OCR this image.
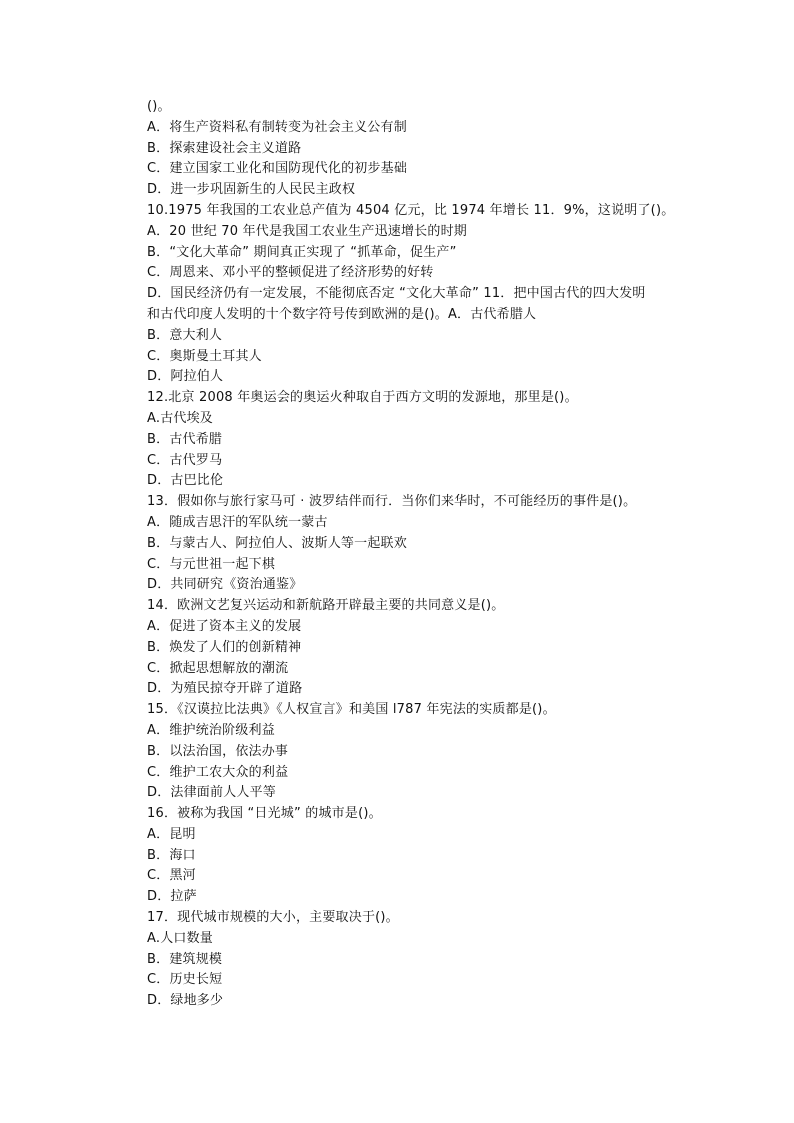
()。
A．将生产资料私有制转变为社会主义公有制
B．探索建设社会主义道路
C．建立国家工业化和国防现代化的初步基础
D．进一步巩固新生的人民民主政权
10.1975 年我国的工农业总产值为 4504 亿元，比 1974 年增长 11．9%，这说明了()。
A．20 世纪 70 年代是我国工农业生产迅速增长的时期
B．“文化大革命” 期间真正实现了 “抓革命，促生产”
C．周恩来、邓小平的整顿促进了经济形势的好转
D．国民经济仍有一定发展，不能彻底否定 “文化大革命” 11．把中国古代的四大发明
和古代印度人发明的十个数字符号传到欧洲的是()。A．古代希腊人
B．意大利人
C．奥斯曼土耳其人
D．阿拉伯人
12.北京 2008 年奥运会的奥运火种取自于西方文明的发源地，那里是()。
A.古代埃及
B．古代希腊
C．古代罗马
D．古巴比伦
13．假如你与旅行家马可 · 波罗结伴而行．当你们来华时，不可能经历的事件是()。
A．随成吉思汗的军队统一蒙古
B．与蒙古人、阿拉伯人、波斯人等一起联欢
C．与元世祖一起下棋
D．共同研究《资治通鉴》
14．欧洲文艺复兴运动和新航路开辟最主要的共同意义是()。
A．促进了资本主义的发展
B．焕发了人们的创新精神
C．掀起思想解放的潮流
D．为殖民掠夺开辟了道路
15．《汉谟拉比法典》《人权宣言》和美国 l787 年宪法的实质都是()。
A．维护统治阶级利益
B．以法治国，依法办事
C．维护工农大众的利益
D．法律面前人人平等
16．被称为我国 “日光城” 的城市是()。
A．昆明
B．海口
C．黑河
D．拉萨
17．现代城市规模的大小，主要取决于()。
A.人口数量
B．建筑规模
C．历史长短
D．绿地多少
